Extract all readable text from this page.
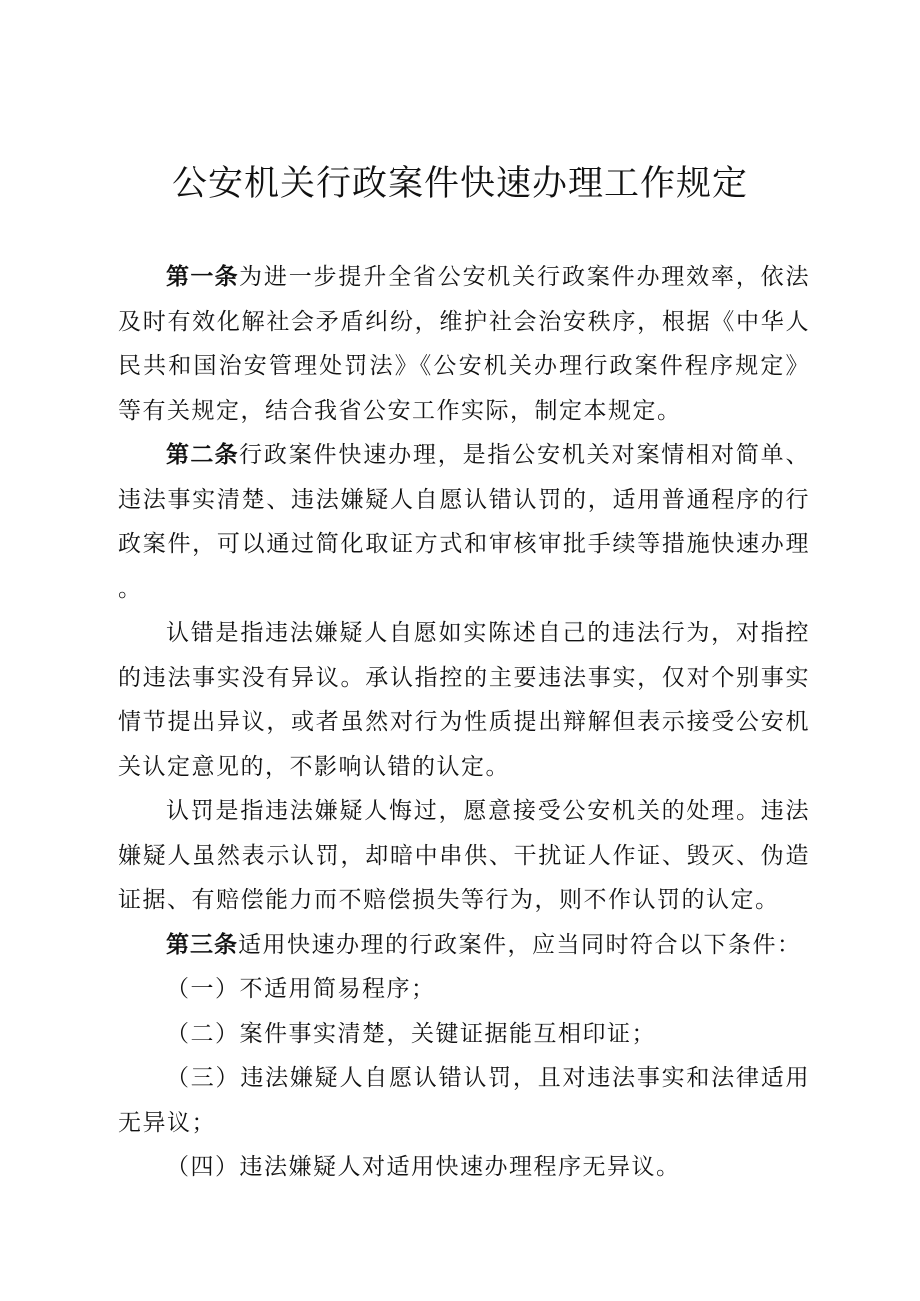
公安机关行政案件快速办理工作规定

第一条为进一步提升全省公安机关行政案件办理效率，依法及时有效化解社会矛盾纠纷，维护社会治安秩序，根据《中华人民共和国治安管理处罚法》《公安机关办理行政案件程序规定》等有关规定，结合我省公安工作实际，制定本规定。

第二条行政案件快速办理，是指公安机关对案情相对简单、违法事实清楚、违法嫌疑人自愿认错认罚的，适用普通程序的行政案件，可以通过简化取证方式和审核审批手续等措施快速办理。

认错是指违法嫌疑人自愿如实陈述自己的违法行为，对指控的违法事实没有异议。承认指控的主要违法事实，仅对个别事实情节提出异议，或者虽然对行为性质提出辩解但表示接受公安机关认定意见的，不影响认错的认定。

认罚是指违法嫌疑人悔过，愿意接受公安机关的处理。违法嫌疑人虽然表示认罚，却暗中串供、干扰证人作证、毁灭、伪造证据、有赔偿能力而不赔偿损失等行为，则不作认罚的认定。

第三条适用快速办理的行政案件，应当同时符合以下条件：

（一）不适用简易程序；

（二）案件事实清楚，关键证据能互相印证；

（三）违法嫌疑人自愿认错认罚，且对违法事实和法律适用无异议；

（四）违法嫌疑人对适用快速办理程序无异议。
